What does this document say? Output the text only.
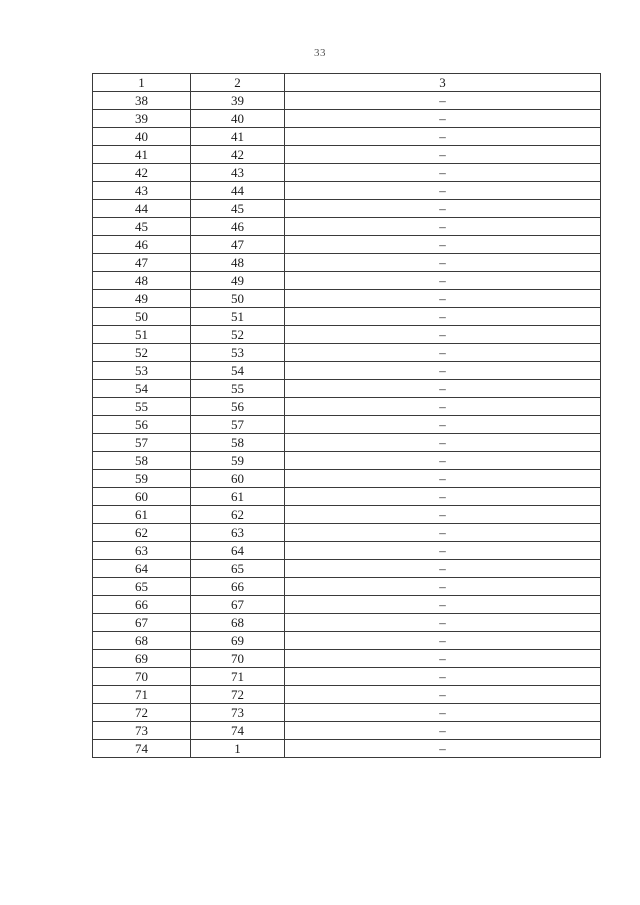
33
1	2	3
38	39	–
39	40	–
40	41	–
41	42	–
42	43	–
43	44	–
44	45	–
45	46	–
46	47	–
47	48	–
48	49	–
49	50	–
50	51	–
51	52	–
52	53	–
53	54	–
54	55	–
55	56	–
56	57	–
57	58	–
58	59	–
59	60	–
60	61	–
61	62	–
62	63	–
63	64	–
64	65	–
65	66	–
66	67	–
67	68	–
68	69	–
69	70	–
70	71	–
71	72	–
72	73	–
73	74	–
74	1	–
